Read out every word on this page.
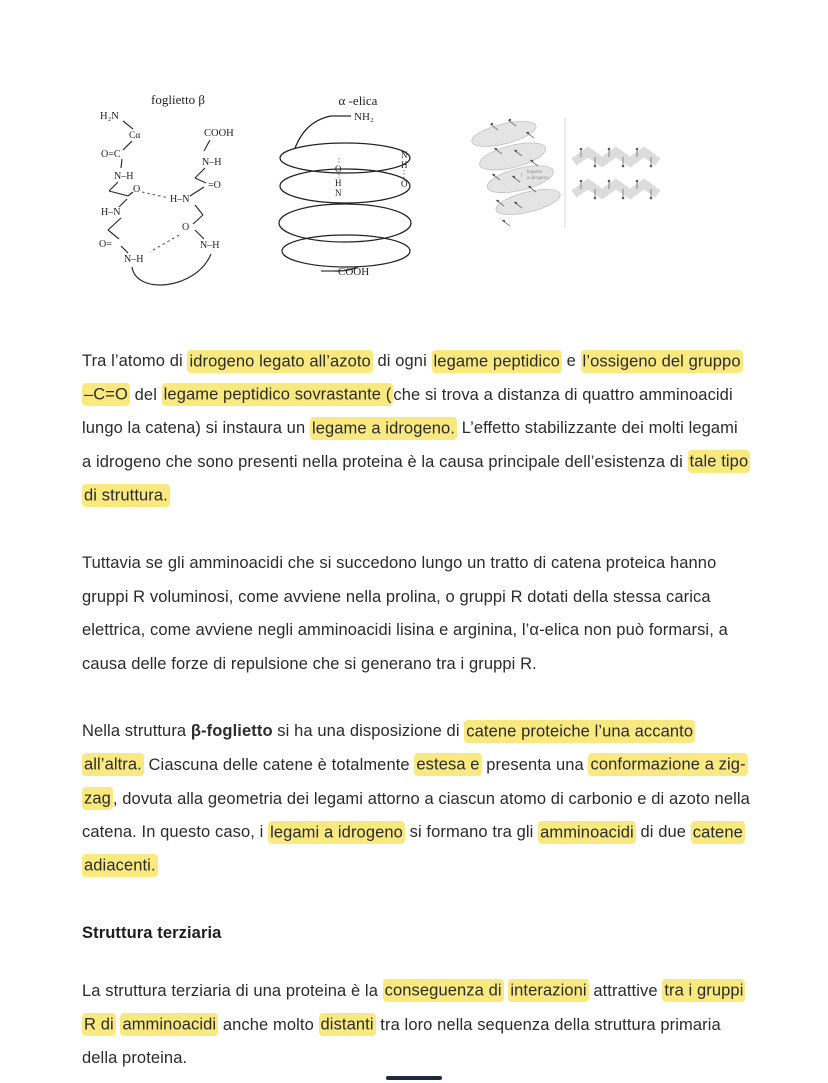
foglietto β
H₂N
Cα
O=C
N–H
O
H–N
O=
N–H
COOH
N–H
=O
H–N
O
N–H
α -elica
NH₂
N
H
O
O
H
N
COOH
}
legame
a idrogeno
Tra l’atomo di idrogeno legato all’azoto di ogni legame peptidico e l’ossigeno del gruppo –C=O del legame peptidico sovrastante ( che si trova a distanza di quattro amminoacidi lungo la catena) si instaura un legame a idrogeno. L’effetto stabilizzante dei molti legami a idrogeno che sono presenti nella proteina è la causa principale dell’esistenza di tale tipo di struttura.
Tuttavia se gli amminoacidi che si succedono lungo un tratto di catena proteica hanno gruppi R voluminosi, come avviene nella prolina, o gruppi R dotati della stessa carica elettrica, come avviene negli amminoacidi lisina e arginina, l’α-elica non può formarsi, a causa delle forze di repulsione che si generano tra i gruppi R.
Nella struttura β-foglietto si ha una disposizione di catene proteiche l’una accanto all’altra. Ciascuna delle catene è totalmente estesa e presenta una conformazione a zig-zag , dovuta alla geometria dei legami attorno a ciascun atomo di carbonio e di azoto nella catena. In questo caso, i legami a idrogeno si formano tra gli amminoacidi di due catene adiacenti.
Struttura terziaria
La struttura terziaria di una proteina è la conseguenza di interazioni attrattive tra i gruppi R di amminoacidi anche molto distanti tra loro nella sequenza della struttura primaria della proteina.
